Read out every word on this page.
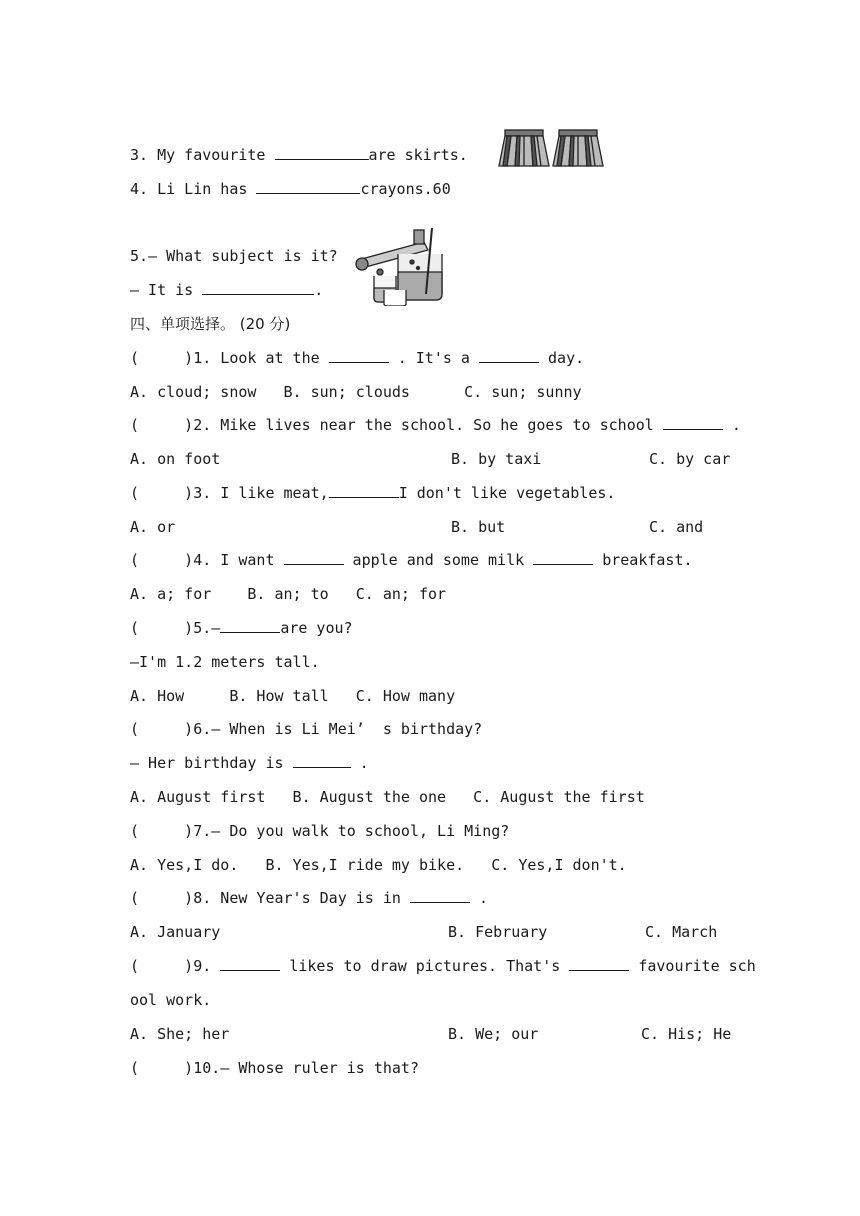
3. My favourite	are skirts.
4. Li Lin has	crayons.60
5.— What subject is it?
— It is	.
四、单项选择。 (20 分)
(     )1. Look at the	. It's a	day.
A. cloud; snow   B. sun; clouds      C. sun; sunny
(     )2. Mike lives near the school. So he goes to school	.
A. on foot	B. by taxi	C. by car
(     )3. I like meat,	I don't like vegetables.
A. or	B. but	C. and
(     )4. I want	apple and some milk	breakfast.
A. a; for    B. an; to   C. an; for
(     )5.—	are you?
—I'm 1.2 meters tall.
A. How     B. How tall   C. How many
(     )6.— When is Li Mei’  s birthday?
— Her birthday is	.
A. August first   B. August the one   C. August the first
(     )7.— Do you walk to school, Li Ming?
A. Yes,I do.   B. Yes,I ride my bike.   C. Yes,I don't.
(     )8. New Year's Day is in	.
A. January	B. February	C. March
(     )9.	likes to draw pictures. That's	favourite sch
ool work.
A. She; her	B. We; our	C. His; He
(     )10.— Whose ruler is that?
